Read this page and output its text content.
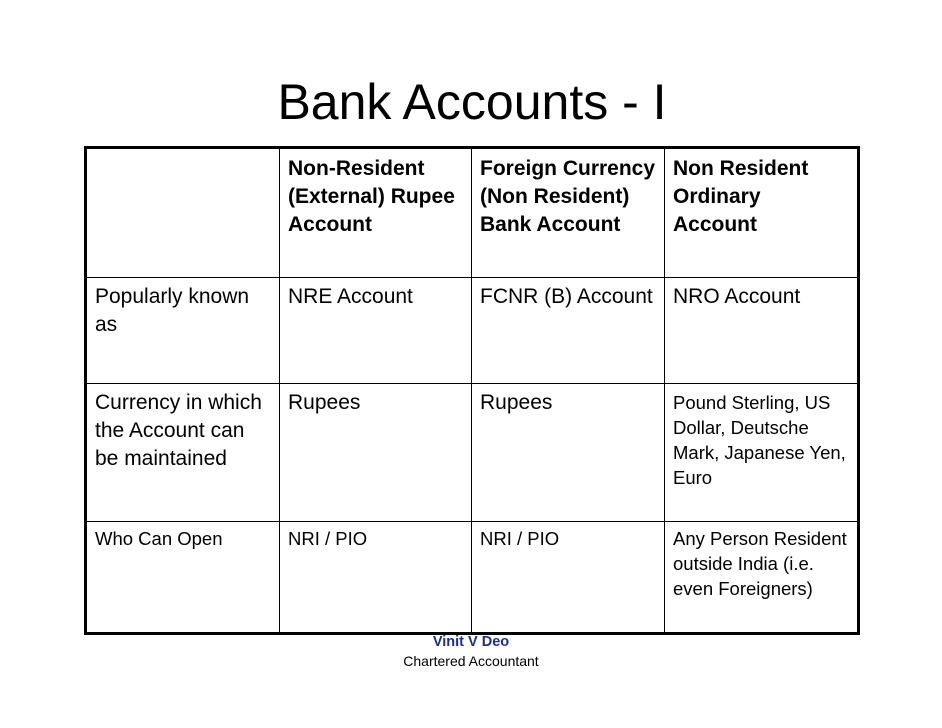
Bank Accounts - I
	Non-Resident (External) Rupee Account	Foreign Currency (Non Resident) Bank Account	Non Resident Ordinary Account
Popularly known as	NRE Account	FCNR (B) Account	NRO Account
Currency in which the Account can be maintained	Rupees	Rupees	Pound Sterling, US Dollar, Deutsche Mark, Japanese Yen, Euro
Who Can Open	NRI / PIO	NRI / PIO	Any Person Resident outside India (i.e. even Foreigners)
Vinit V Deo
Chartered Accountant
